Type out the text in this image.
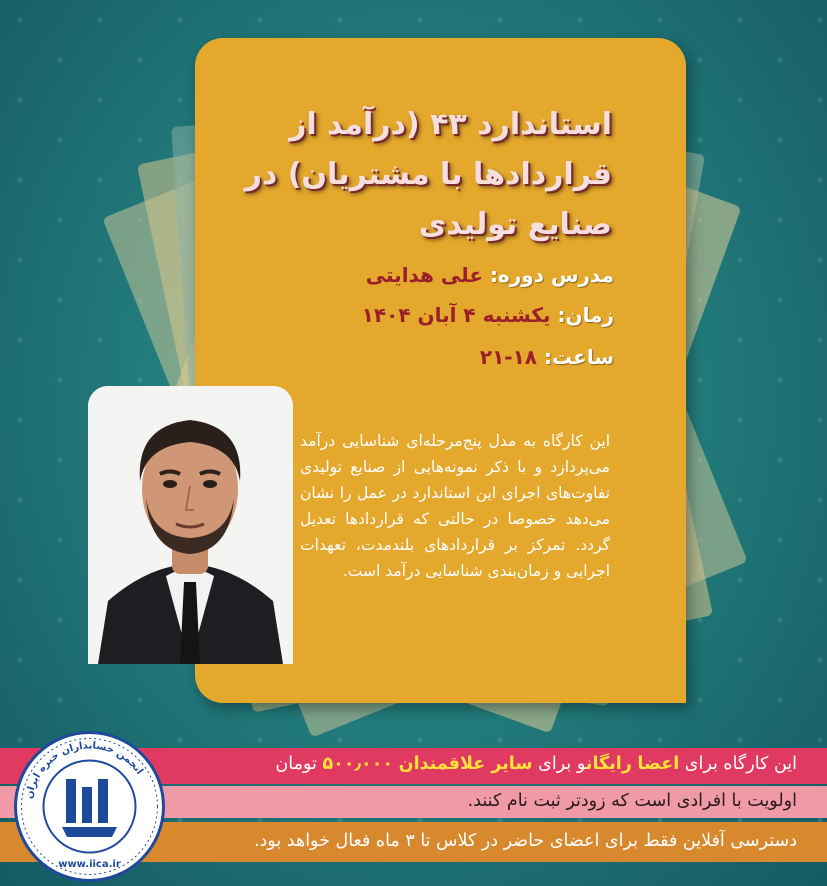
استاندارد ۴۳ (درآمد از
قراردادها با مشتریان) در
صنایع تولیدی
مدرس دوره: علی هدایتی
زمان: یکشنبه ۴ آبان ۱۴۰۴
ساعت: ۱۸-۲۱
این کارگاه به مدل پنج‌مرحله‌ای شناسایی درآمد می‌پردازد و با ذکر نمونه‌هایی از صنایع تولیدی تفاوت‌های اجرای این استاندارد در عمل را نشان می‌دهد خصوصا در حالتی که قراردادها تعدیل گردد. تمرکز بر قراردادهای بلندمدت، تعهدات اجرایی و زمان‌بندی شناسایی درآمد است.
این کارگاه برای اعضا رایگانو برای سایر علاقمندان ۵۰۰٫۰۰۰ تومان
اولویت با افرادی است که زودتر ثبت نام کنند.
دسترسی آفلاین فقط برای اعضای حاضر در کلاس تا ۳ ماه فعال خواهد بود.
انجمن حسابداران خبره ایران
www.iica.ir
